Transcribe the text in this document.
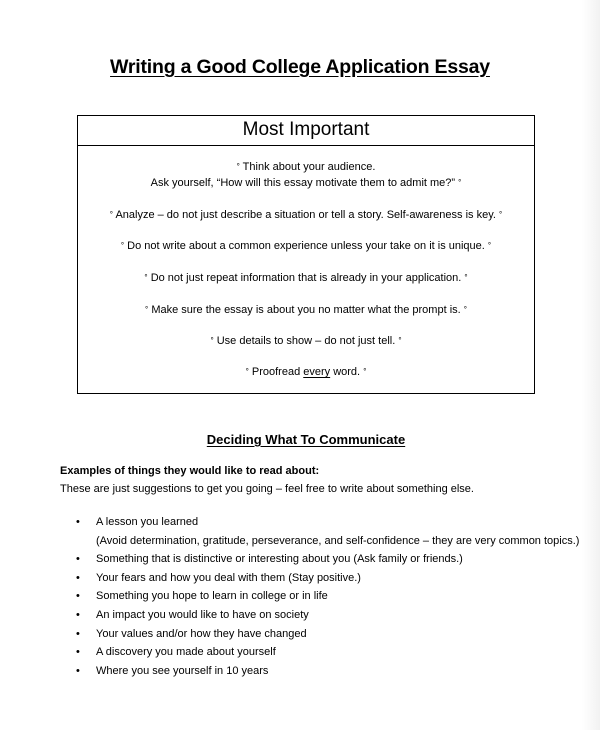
Writing a Good College Application Essay
Most Important
° Think about your audience.
Ask yourself, “How will this essay motivate them to admit me?” °
° Analyze – do not just describe a situation or tell a story. Self-awareness is key. °
° Do not write about a common experience unless your take on it is unique. °
° Do not just repeat information that is already in your application. °
° Make sure the essay is about you no matter what the prompt is. °
° Use details to show – do not just tell. °
° Proofread every word. °
Deciding What To Communicate
Examples of things they would like to read about:
These are just suggestions to get you going – feel free to write about something else.
• A lesson you learned
(Avoid determination, gratitude, perseverance, and self-confidence – they are very common topics.)
• Something that is distinctive or interesting about you (Ask family or friends.)
• Your fears and how you deal with them (Stay positive.)
• Something you hope to learn in college or in life
• An impact you would like to have on society
• Your values and/or how they have changed
• A discovery you made about yourself
• Where you see yourself in 10 years
